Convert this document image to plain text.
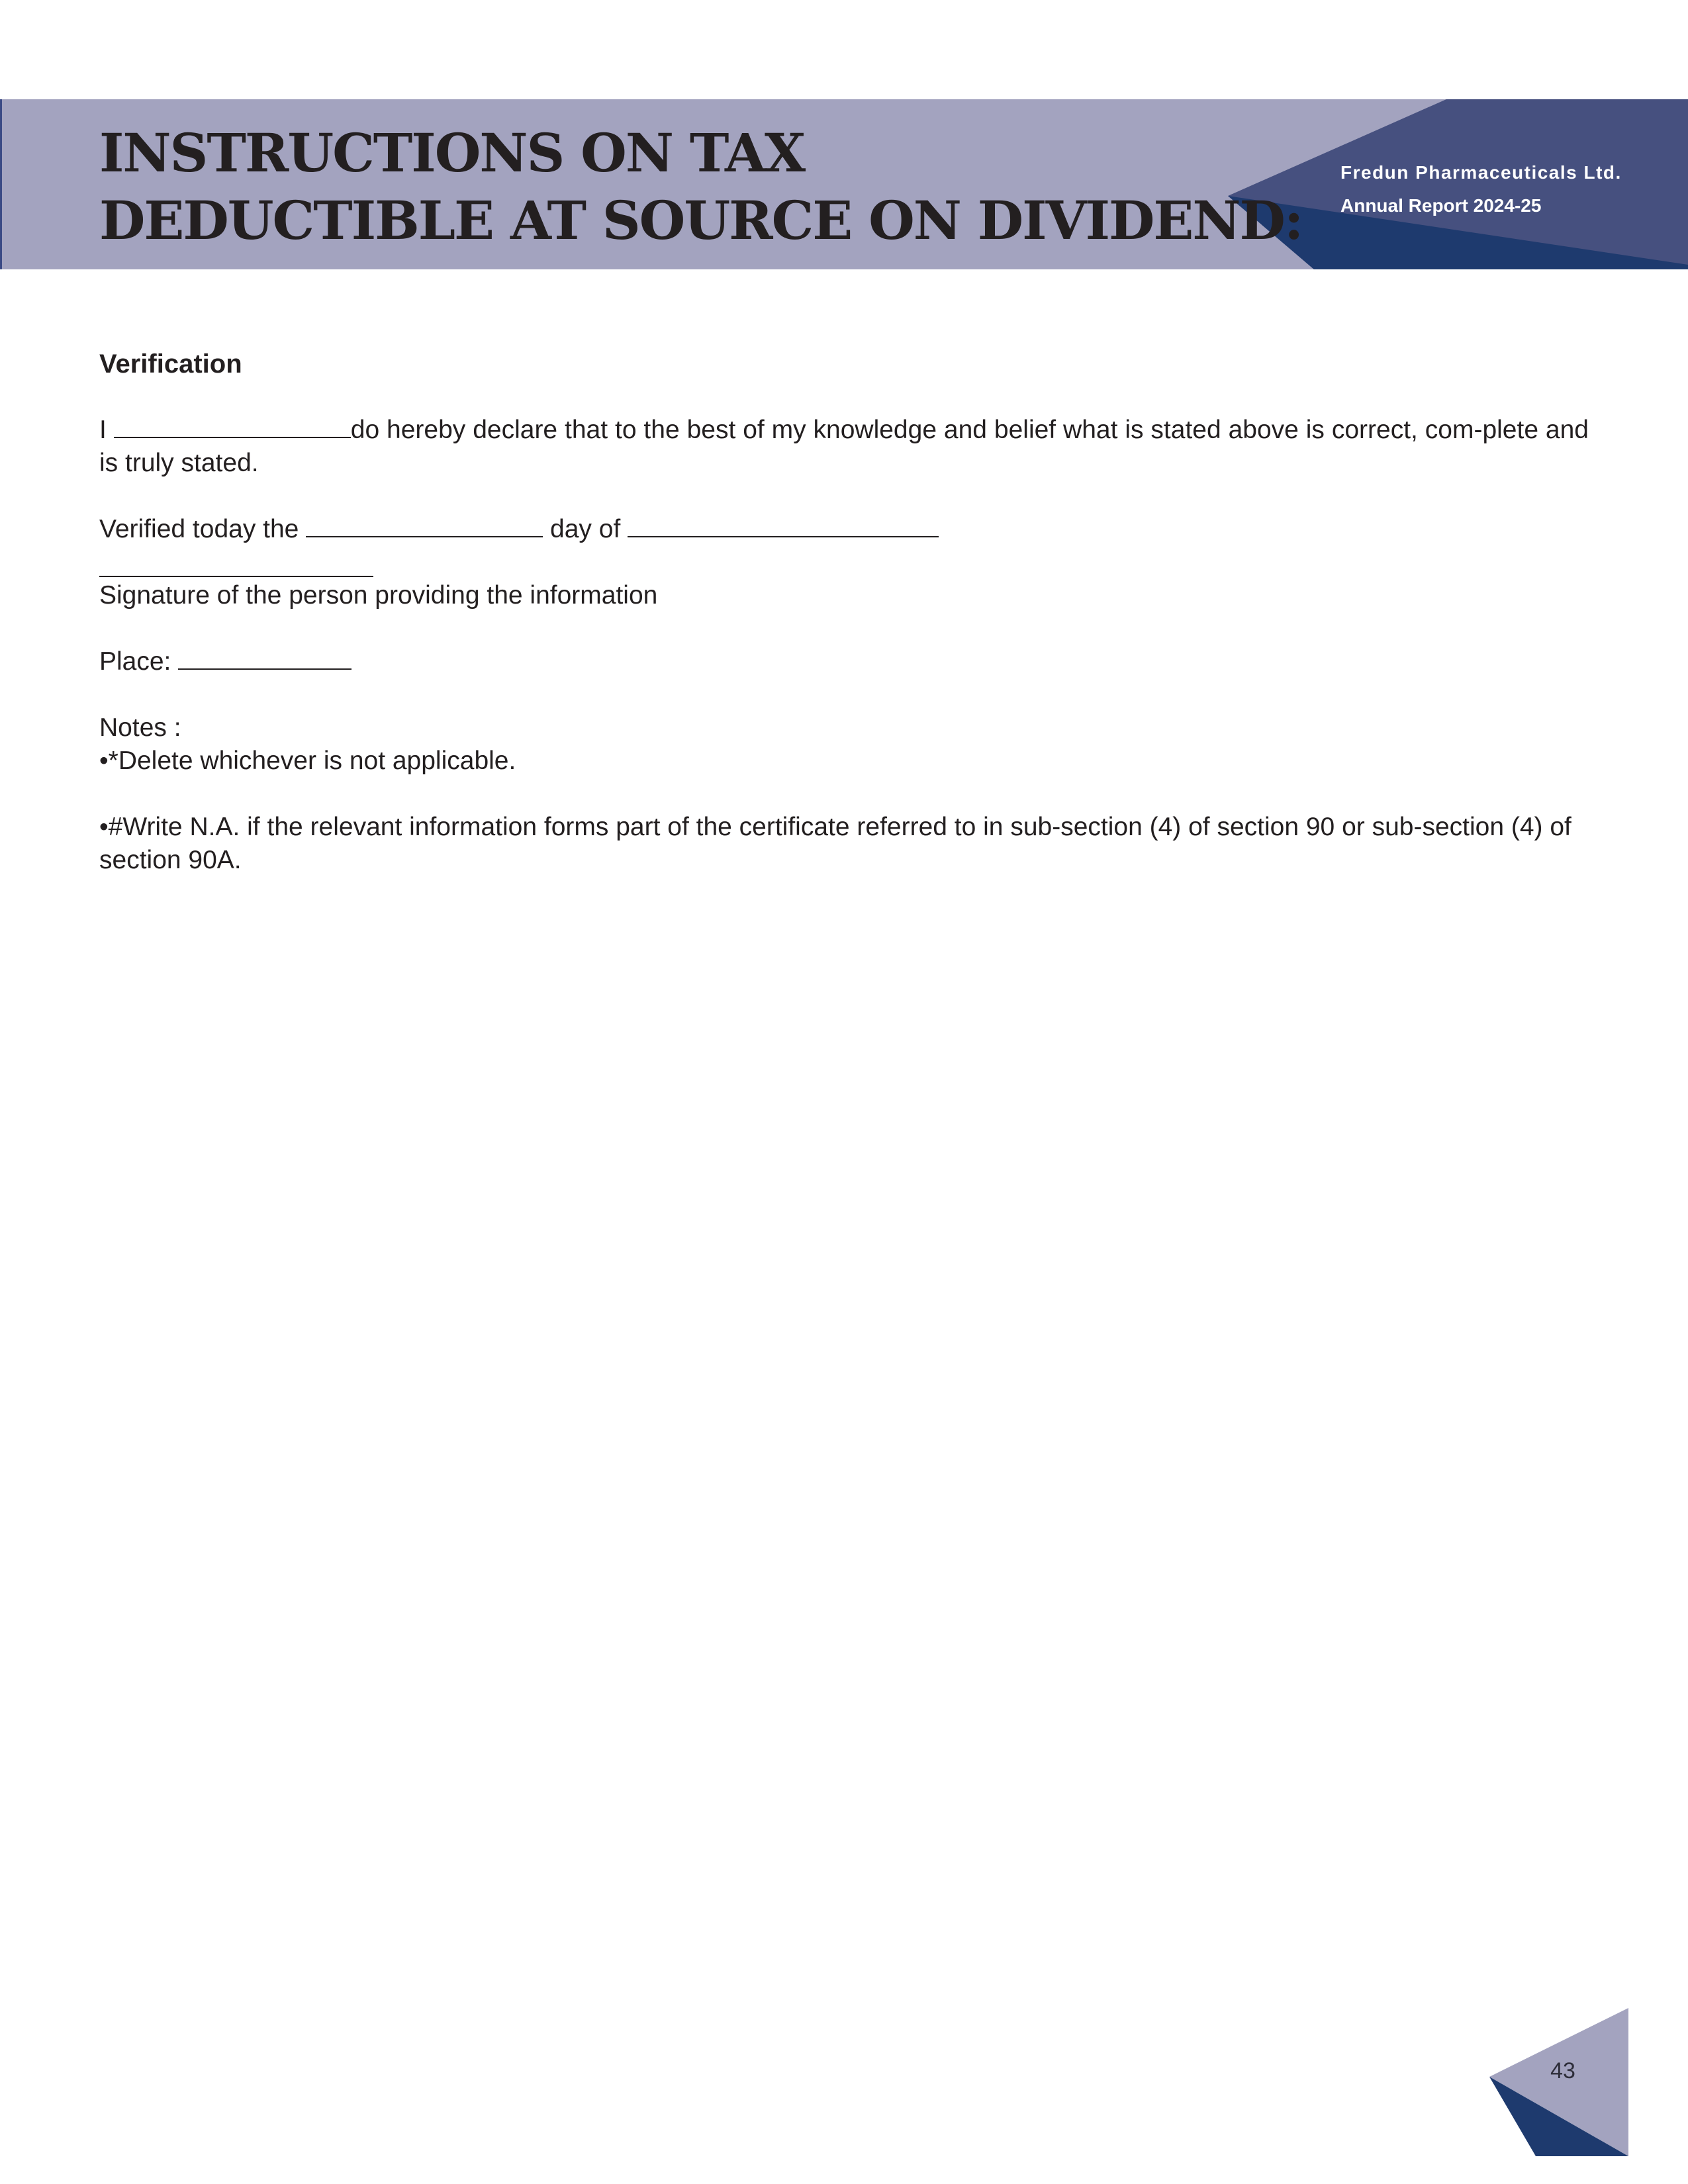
INSTRUCTIONS ON TAX
DEDUCTIBLE AT SOURCE ON DIVIDEND:
Fredun Pharmaceuticals Ltd.
Annual Report 2024-25

Verification

I	do hereby declare that to the best of my knowledge and belief what is stated above is correct, com-plete and is truly stated.

Verified today the	day of

Signature of the person providing the information

Place:

Notes :

•*Delete whichever is not applicable.

•#Write N.A. if the relevant information forms part of the certificate referred to in sub-section (4) of section 90 or sub-section (4) of section 90A.

43
